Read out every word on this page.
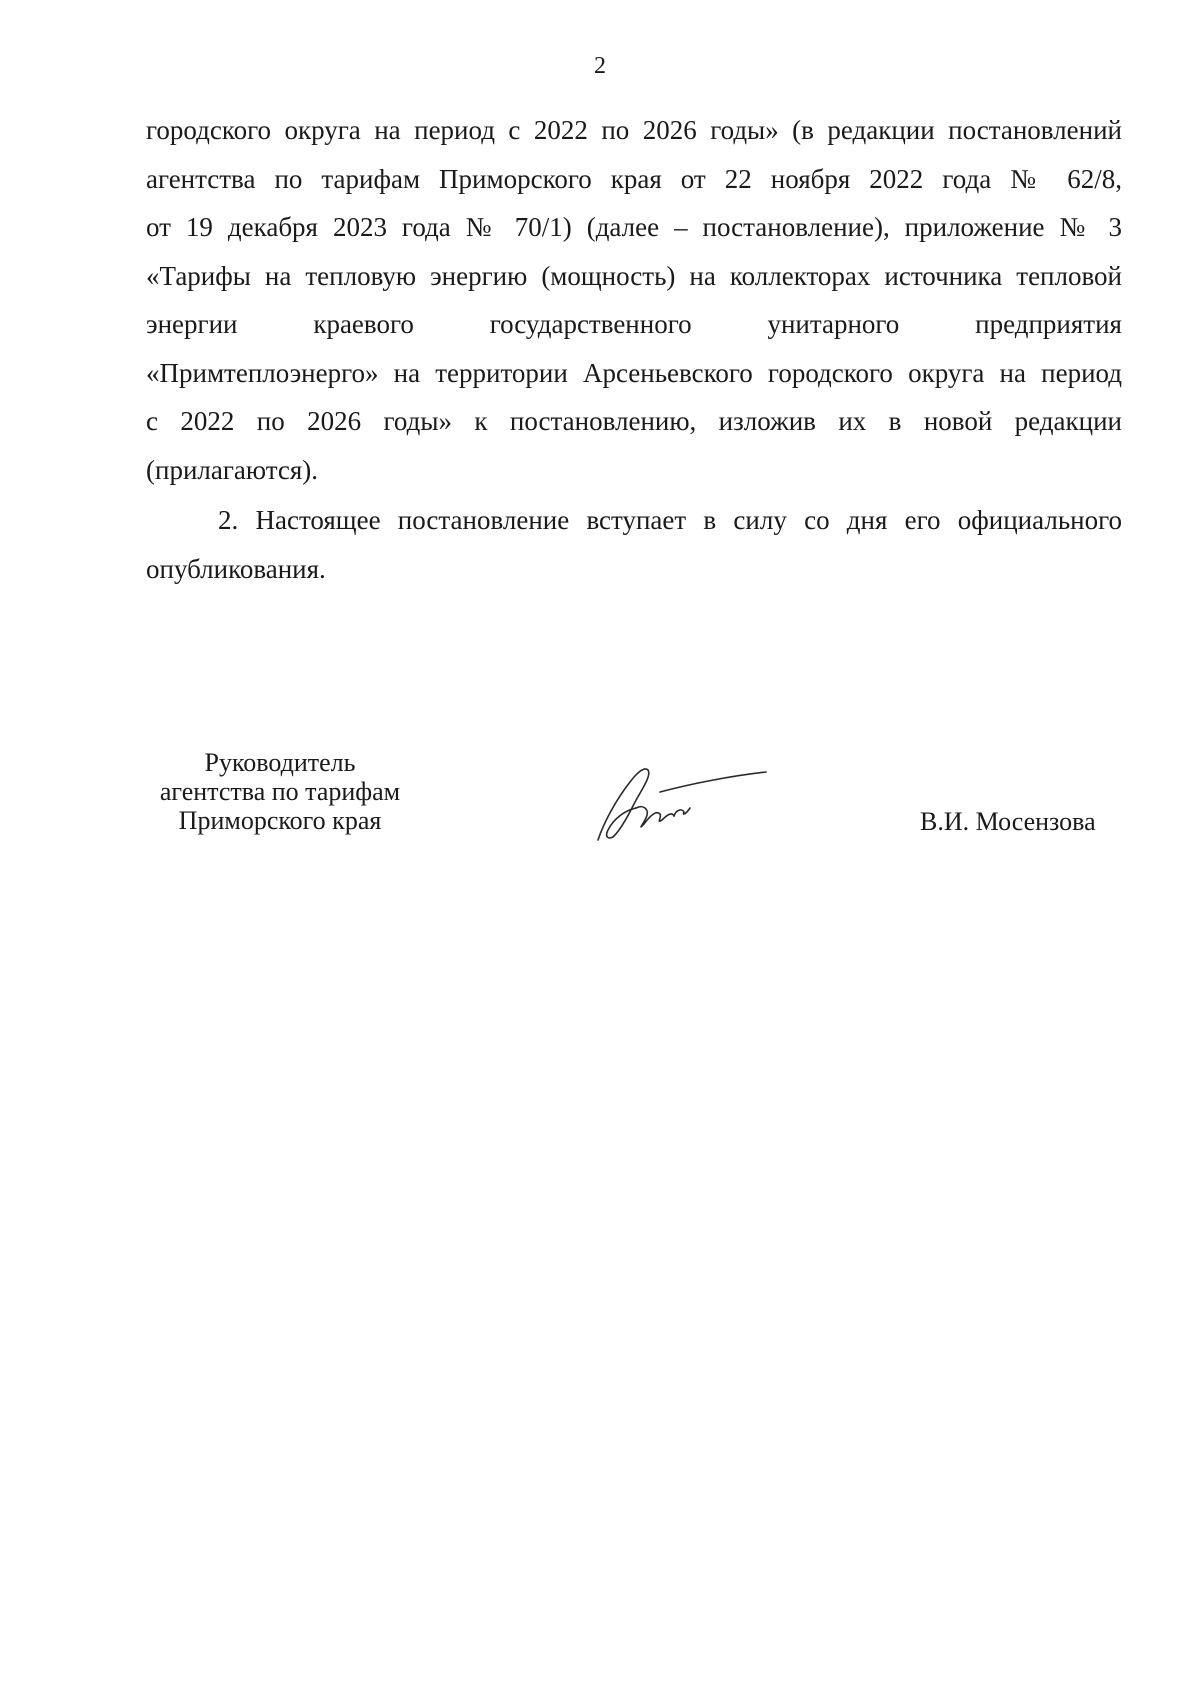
2
городского округа на период с 2022 по 2026 годы» (в редакции постановлений
агентства по тарифам Приморского края от 22 ноября 2022 года № 62/8,
от 19 декабря 2023 года № 70/1) (далее – постановление), приложение № 3
«Тарифы на тепловую энергию (мощность) на коллекторах источника тепловой
энергии	краевого	государственного	унитарного	предприятия
«Примтеплоэнерго» на территории Арсеньевского городского округа на период
с 2022 по 2026 годы» к постановлению, изложив их в новой редакции
(прилагаются).
2. Настоящее постановление вступает в силу со дня его официального
опубликования.
Руководитель
агентства по тарифам
Приморского края	В.И. Мосензова
